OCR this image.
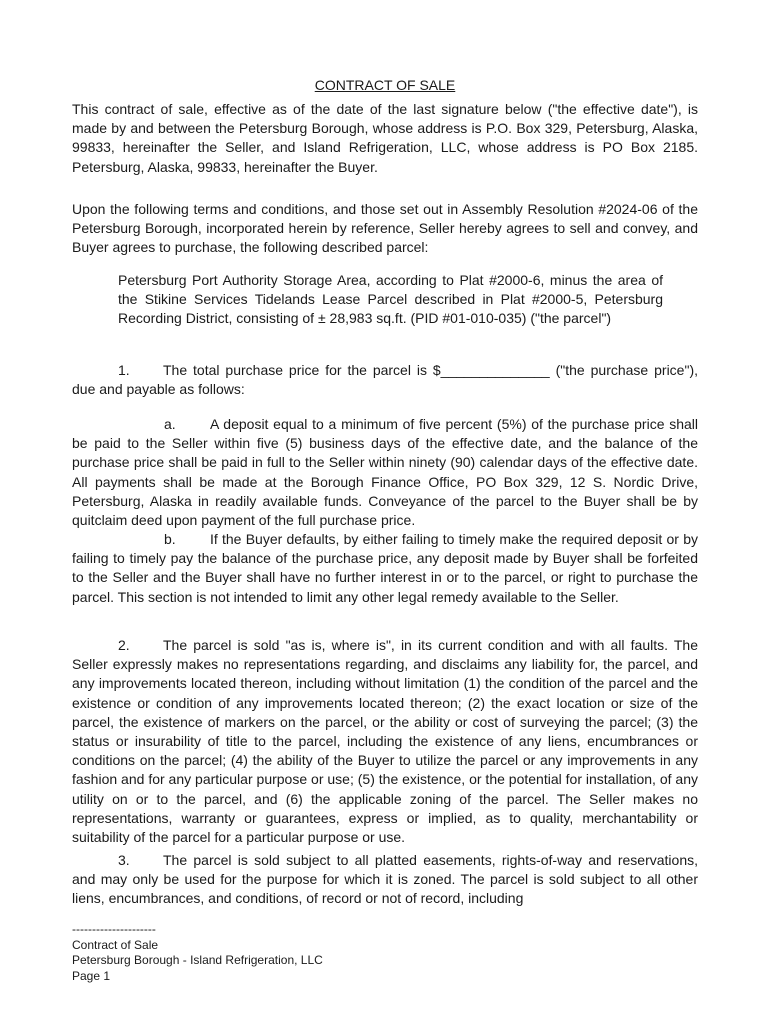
CONTRACT OF SALE

This contract of sale, effective as of the date of the last signature below ("the effective date"), is made by and between the Petersburg Borough, whose address is P.O. Box 329, Petersburg, Alaska, 99833, hereinafter the Seller, and Island Refrigeration, LLC, whose address is PO Box 2185. Petersburg, Alaska, 99833, hereinafter the Buyer.

Upon the following terms and conditions, and those set out in Assembly Resolution #2024-06 of the Petersburg Borough, incorporated herein by reference, Seller hereby agrees to sell and convey, and Buyer agrees to purchase, the following described parcel:

Petersburg Port Authority Storage Area, according to Plat #2000-6, minus the area of the Stikine Services Tidelands Lease Parcel described in Plat #2000-5, Petersburg Recording District, consisting of ± 28,983 sq.ft. (PID #01-010-035) ("the parcel")

1. The total purchase price for the parcel is $______________ ("the purchase price"), due and payable as follows:

a. A deposit equal to a minimum of five percent (5%) of the purchase price shall be paid to the Seller within five (5) business days of the effective date, and the balance of the purchase price shall be paid in full to the Seller within ninety (90) calendar days of the effective date. All payments shall be made at the Borough Finance Office, PO Box 329, 12 S. Nordic Drive, Petersburg, Alaska in readily available funds. Conveyance of the parcel to the Buyer shall be by quitclaim deed upon payment of the full purchase price.

b. If the Buyer defaults, by either failing to timely make the required deposit or by failing to timely pay the balance of the purchase price, any deposit made by Buyer shall be forfeited to the Seller and the Buyer shall have no further interest in or to the parcel, or right to purchase the parcel. This section is not intended to limit any other legal remedy available to the Seller.

2. The parcel is sold "as is, where is", in its current condition and with all faults. The Seller expressly makes no representations regarding, and disclaims any liability for, the parcel, and any improvements located thereon, including without limitation (1) the condition of the parcel and the existence or condition of any improvements located thereon; (2) the exact location or size of the parcel, the existence of markers on the parcel, or the ability or cost of surveying the parcel; (3) the status or insurability of title to the parcel, including the existence of any liens, encumbrances or conditions on the parcel; (4) the ability of the Buyer to utilize the parcel or any improvements in any fashion and for any particular purpose or use; (5) the existence, or the potential for installation, of any utility on or to the parcel, and (6) the applicable zoning of the parcel. The Seller makes no representations, warranty or guarantees, express or implied, as to quality, merchantability or suitability of the parcel for a particular purpose or use.

3. The parcel is sold subject to all platted easements, rights-of-way and reservations, and may only be used for the purpose for which it is zoned. The parcel is sold subject to all other liens, encumbrances, and conditions, of record or not of record, including

---------------------
Contract of Sale
Petersburg Borough - Island Refrigeration, LLC
Page 1
